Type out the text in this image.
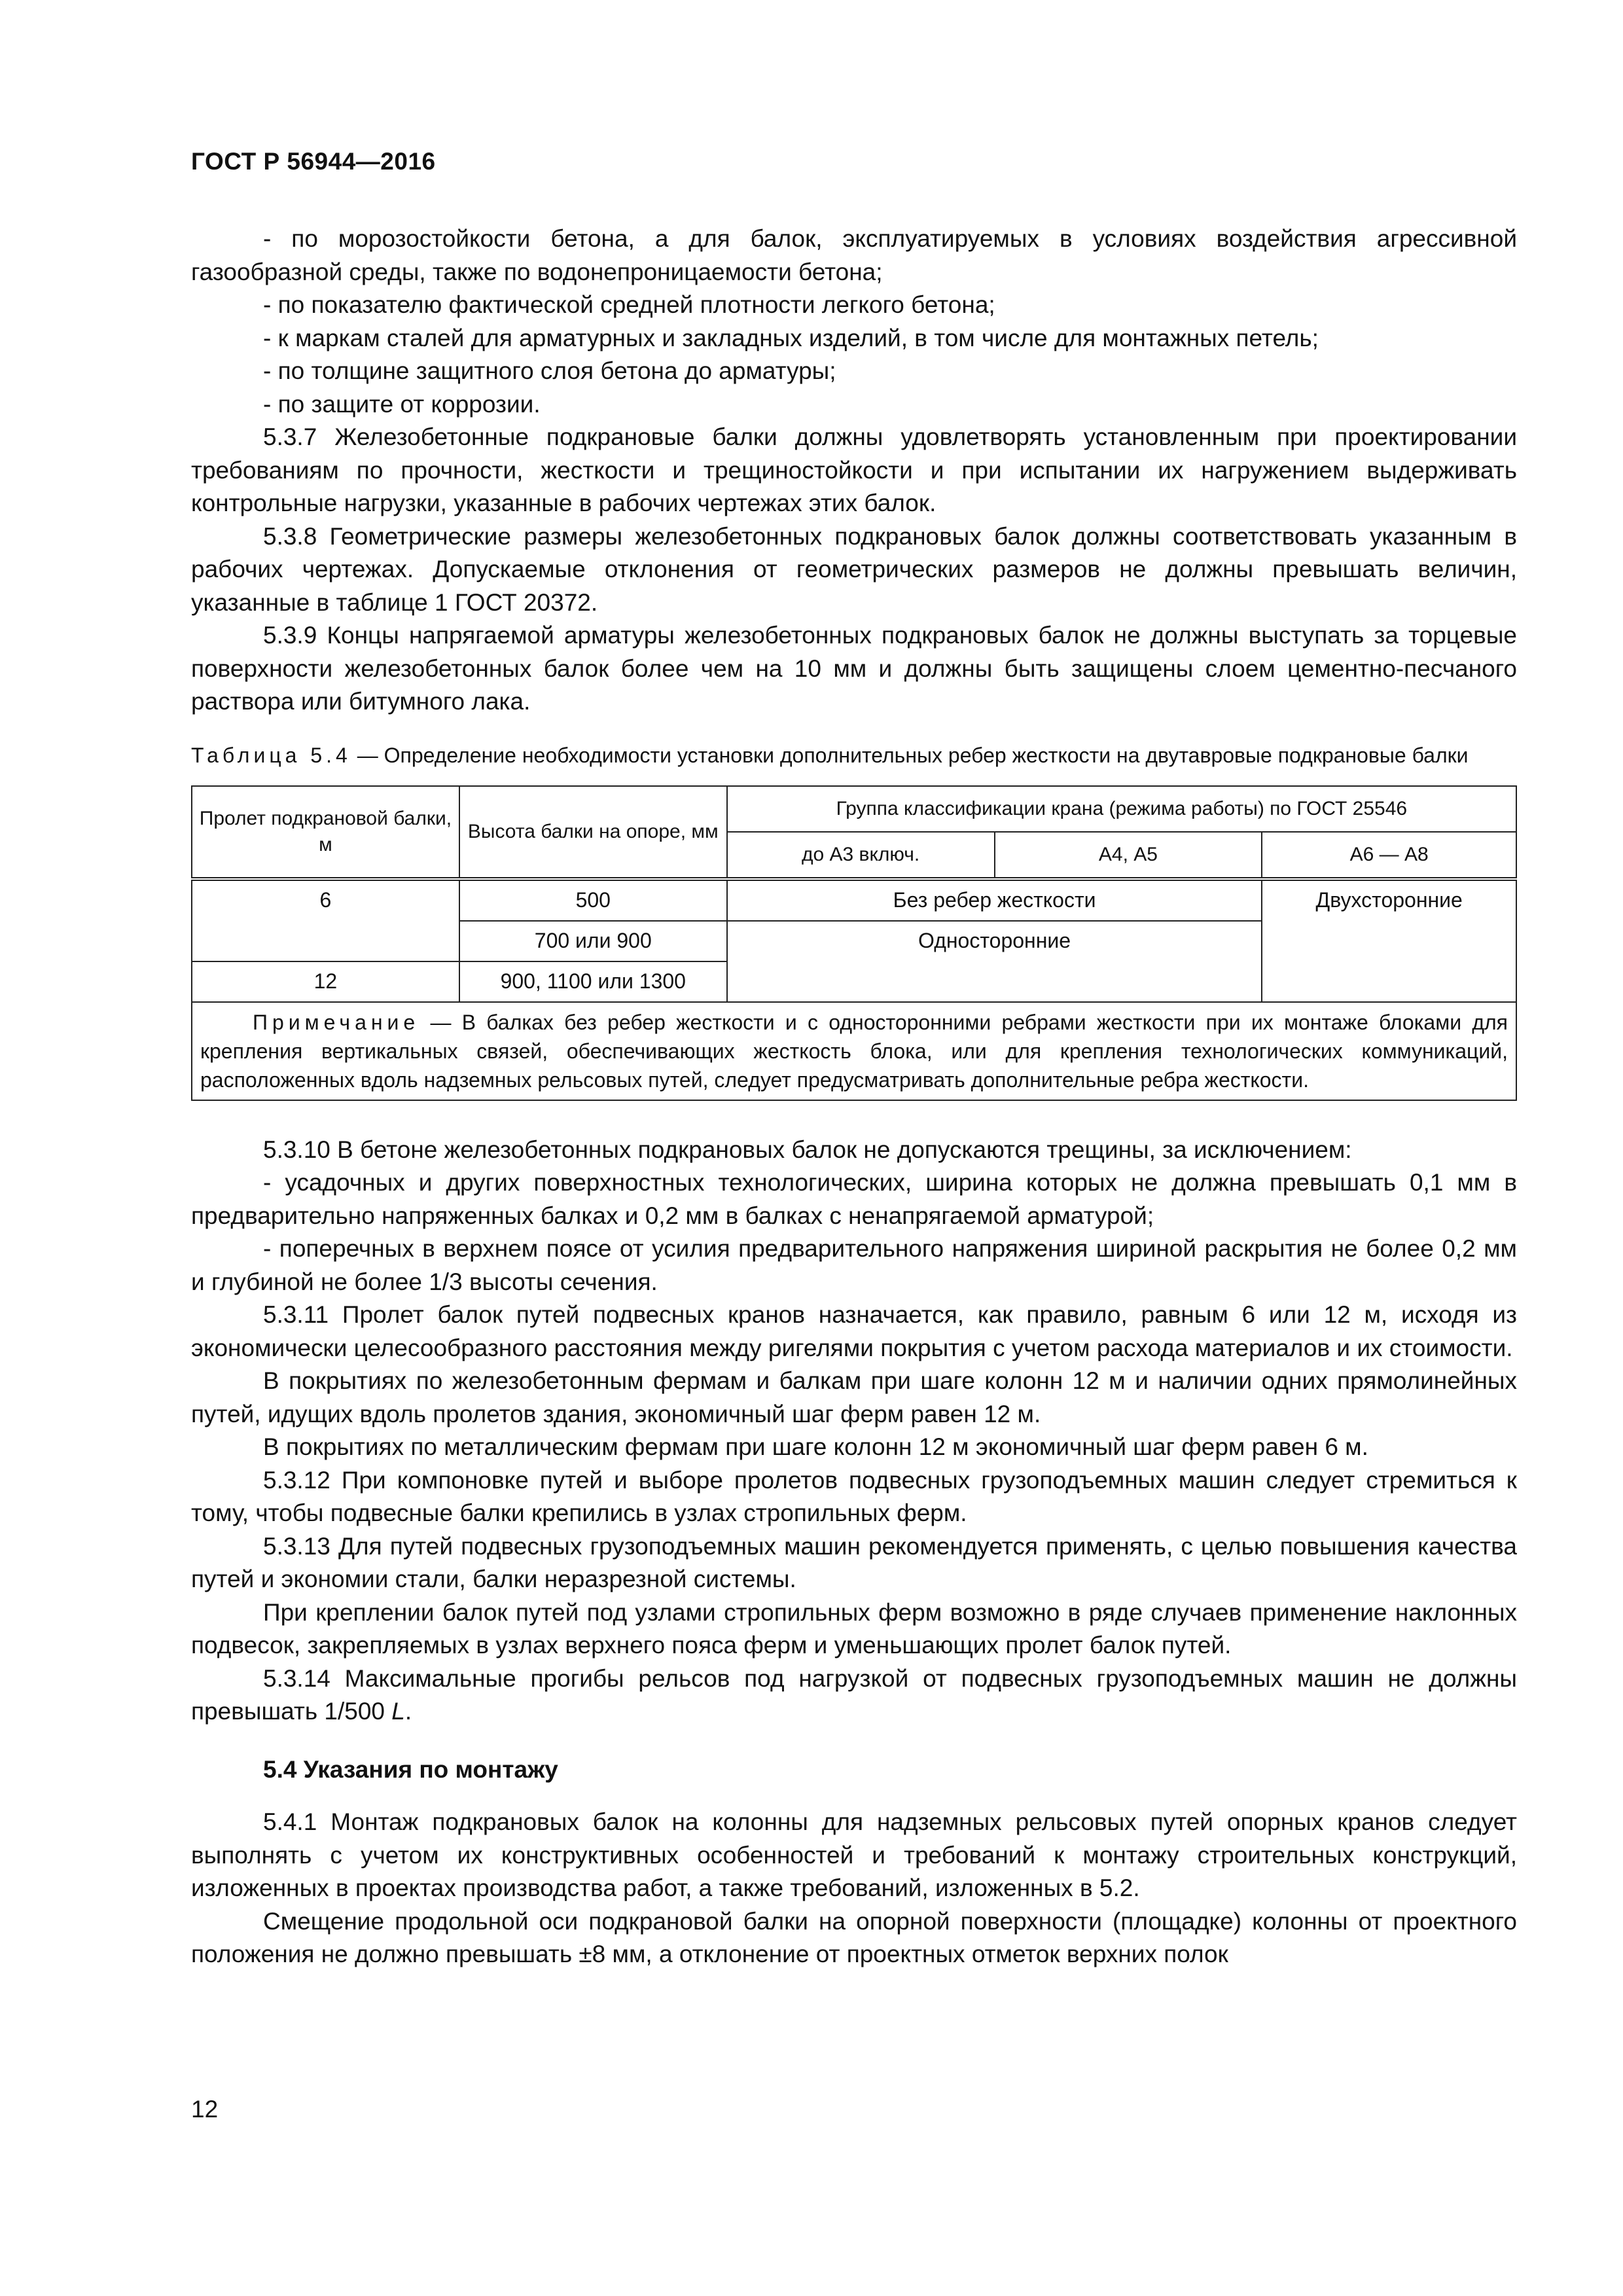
ГОСТ Р 56944—2016

- по морозостойкости бетона, а для балок, эксплуатируемых в условиях воздействия агрессивной газообразной среды, также по водонепроницаемости бетона;

- по показателю фактической средней плотности легкого бетона;

- к маркам сталей для арматурных и закладных изделий, в том числе для монтажных петель;

- по толщине защитного слоя бетона до арматуры;

- по защите от коррозии.

5.3.7 Железобетонные подкрановые балки должны удовлетворять установленным при проектировании требованиям по прочности, жесткости и трещиностойкости и при испытании их нагружением выдерживать контрольные нагрузки, указанные в рабочих чертежах этих балок.

5.3.8 Геометрические размеры железобетонных подкрановых балок должны соответствовать указанным в рабочих чертежах. Допускаемые отклонения от геометрических размеров не должны превышать величин, указанные в таблице 1 ГОСТ 20372.

5.3.9 Концы напрягаемой арматуры железобетонных подкрановых балок не должны выступать за торцевые поверхности железобетонных балок более чем на 10 мм и должны быть защищены слоем цементно-песчаного раствора или битумного лака.

Таблица 5.4 — Определение необходимости установки дополнительных ребер жесткости на двутавровые подкрановые балки

Пролет подкрановой балки, м	Высота балки на опоре, мм	Группа классификации крана (режима работы) по ГОСТ 25546		
		до А3 включ.	А4, А5	А6 — А8
6	500	Без ребер жесткости		Двухсторонние
	700 или 900	Односторонние		
12	900, 1100 или 1300			
Примечание — В балках без ребер жесткости и с односторонними ребрами жесткости при их монтаже блоками для крепления вертикальных связей, обеспечивающих жесткость блока, или для крепления технологических коммуникаций, расположенных вдоль надземных рельсовых путей, следует предусматривать дополнительные ребра жесткости.				

5.3.10 В бетоне железобетонных подкрановых балок не допускаются трещины, за исключением:

- усадочных и других поверхностных технологических, ширина которых не должна превышать 0,1 мм в предварительно напряженных балках и 0,2 мм в балках с ненапрягаемой арматурой;

- поперечных в верхнем поясе от усилия предварительного напряжения шириной раскрытия не более 0,2 мм и глубиной не более 1/3 высоты сечения.

5.3.11 Пролет балок путей подвесных кранов назначается, как правило, равным 6 или 12 м, исходя из экономически целесообразного расстояния между ригелями покрытия с учетом расхода материалов и их стоимости.

В покрытиях по железобетонным фермам и балкам при шаге колонн 12 м и наличии одних прямолинейных путей, идущих вдоль пролетов здания, экономичный шаг ферм равен 12 м.

В покрытиях по металлическим фермам при шаге колонн 12 м экономичный шаг ферм равен 6 м.

5.3.12 При компоновке путей и выборе пролетов подвесных грузоподъемных машин следует стремиться к тому, чтобы подвесные балки крепились в узлах стропильных ферм.

5.3.13 Для путей подвесных грузоподъемных машин рекомендуется применять, с целью повышения качества путей и экономии стали, балки неразрезной системы.

При креплении балок путей под узлами стропильных ферм возможно в ряде случаев применение наклонных подвесок, закрепляемых в узлах верхнего пояса ферм и уменьшающих пролет балок путей.

5.3.14 Максимальные прогибы рельсов под нагрузкой от подвесных грузоподъемных машин не должны превышать 1/500 L.

5.4 Указания по монтажу

5.4.1 Монтаж подкрановых балок на колонны для надземных рельсовых путей опорных кранов следует выполнять с учетом их конструктивных особенностей и требований к монтажу строительных конструкций, изложенных в проектах производства работ, а также требований, изложенных в 5.2.

Смещение продольной оси подкрановой балки на опорной поверхности (площадке) колонны от проектного положения не должно превышать ±8 мм, а отклонение от проектных отметок верхних полок

12
